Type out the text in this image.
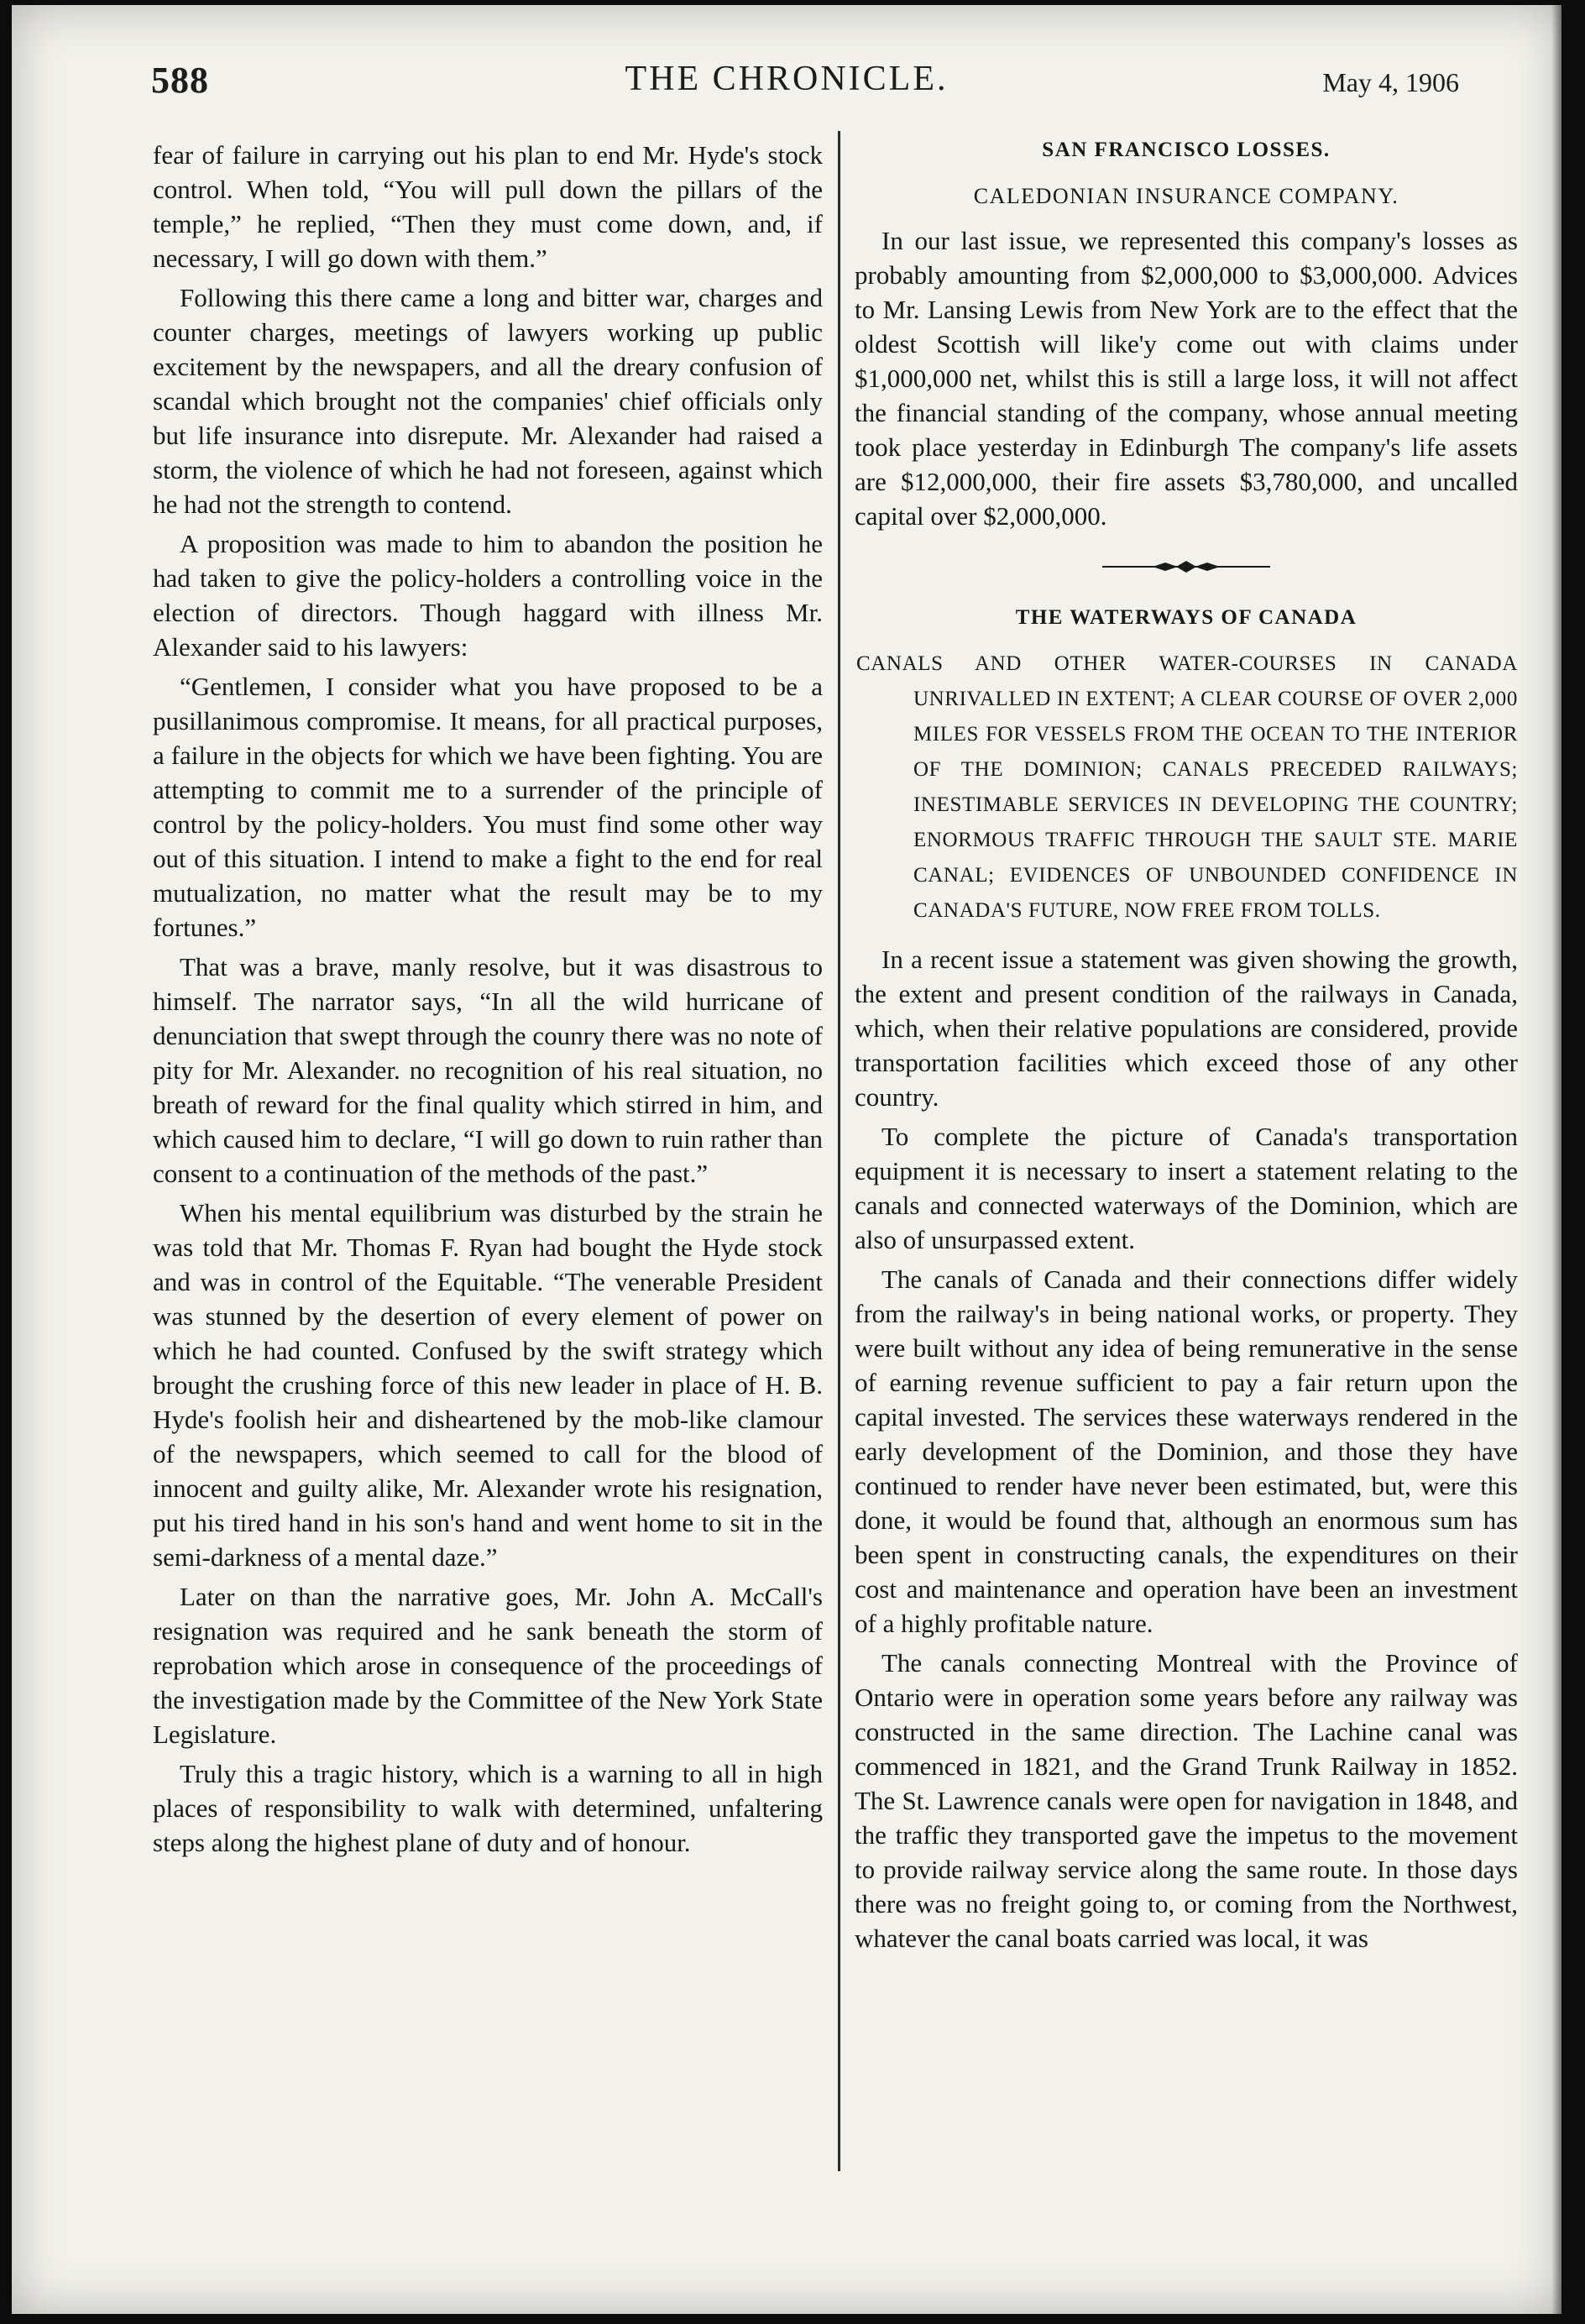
588	THE CHRONICLE.	May 4, 1906

fear of failure in carrying out his plan to end Mr. Hyde's stock control. When told, “You will pull down the pillars of the temple,” he replied, “Then they must come down, and, if necessary, I will go down with them.”

Following this there came a long and bitter war, charges and counter charges, meetings of lawyers working up public excitement by the newspapers, and all the dreary confusion of scandal which brought not the companies' chief officials only but life insurance into disrepute. Mr. Alexander had raised a storm, the violence of which he had not foreseen, against which he had not the strength to contend.

A proposition was made to him to abandon the position he had taken to give the policy-holders a controlling voice in the election of directors. Though haggard with illness Mr. Alexander said to his lawyers:

“Gentlemen, I consider what you have proposed to be a pusillanimous compromise. It means, for all practical purposes, a failure in the objects for which we have been fighting. You are attempting to commit me to a surrender of the principle of control by the policy-holders. You must find some other way out of this situation. I intend to make a fight to the end for real mutualization, no matter what the result may be to my fortunes.”

That was a brave, manly resolve, but it was disastrous to himself. The narrator says, “In all the wild hurricane of denunciation that swept through the counry there was no note of pity for Mr. Alexander. no recognition of his real situation, no breath of reward for the final quality which stirred in him, and which caused him to declare, “I will go down to ruin rather than consent to a continuation of the methods of the past.”

When his mental equilibrium was disturbed by the strain he was told that Mr. Thomas F. Ryan had bought the Hyde stock and was in control of the Equitable. “The venerable President was stunned by the desertion of every element of power on which he had counted. Confused by the swift strategy which brought the crushing force of this new leader in place of H. B. Hyde's foolish heir and disheartened by the mob-like clamour of the newspapers, which seemed to call for the blood of innocent and guilty alike, Mr. Alexander wrote his resignation, put his tired hand in his son's hand and went home to sit in the semi-darkness of a mental daze.”

Later on than the narrative goes, Mr. John A. McCall's resignation was required and he sank beneath the storm of reprobation which arose in consequence of the proceedings of the investigation made by the Committee of the New York State Legislature.

Truly this a tragic history, which is a warning to all in high places of responsibility to walk with determined, unfaltering steps along the highest plane of duty and of honour.

SAN FRANCISCO LOSSES.
CALEDONIAN INSURANCE COMPANY.

In our last issue, we represented this company's losses as probably amounting from $2,000,000 to $3,000,000. Advices to Mr. Lansing Lewis from New York are to the effect that the oldest Scottish will like'y come out with claims under $1,000,000 net, whilst this is still a large loss, it will not affect the financial standing of the company, whose annual meeting took place yesterday in Edinburgh The company's life assets are $12,000,000, their fire assets $3,780,000, and uncalled capital over $2,000,000.

THE WATERWAYS OF CANADA
CANALS AND OTHER WATER-COURSES IN CANADA UNRIVALLED IN EXTENT; A CLEAR COURSE OF OVER 2,000 MILES FOR VESSELS FROM THE OCEAN TO THE INTERIOR OF THE DOMINION; CANALS PRECEDED RAILWAYS; INESTIMABLE SERVICES IN DEVELOPING THE COUNTRY; ENORMOUS TRAFFIC THROUGH THE SAULT STE. MARIE CANAL; EVIDENCES OF UNBOUNDED CONFIDENCE IN CANADA'S FUTURE, NOW FREE FROM TOLLS.

In a recent issue a statement was given showing the growth, the extent and present condition of the railways in Canada, which, when their relative populations are considered, provide transportation facilities which exceed those of any other country.

To complete the picture of Canada's transportation equipment it is necessary to insert a statement relating to the canals and connected waterways of the Dominion, which are also of unsurpassed extent.

The canals of Canada and their connections differ widely from the railway's in being national works, or property. They were built without any idea of being remunerative in the sense of earning revenue sufficient to pay a fair return upon the capital invested. The services these waterways rendered in the early development of the Dominion, and those they have continued to render have never been estimated, but, were this done, it would be found that, although an enormous sum has been spent in constructing canals, the expenditures on their cost and maintenance and operation have been an investment of a highly profitable nature.

The canals connecting Montreal with the Province of Ontario were in operation some years before any railway was constructed in the same direction. The Lachine canal was commenced in 1821, and the Grand Trunk Railway in 1852. The St. Lawrence canals were open for navigation in 1848, and the traffic they transported gave the impetus to the movement to provide railway service along the same route. In those days there was no freight going to, or coming from the Northwest, whatever the canal boats carried was local, it was
